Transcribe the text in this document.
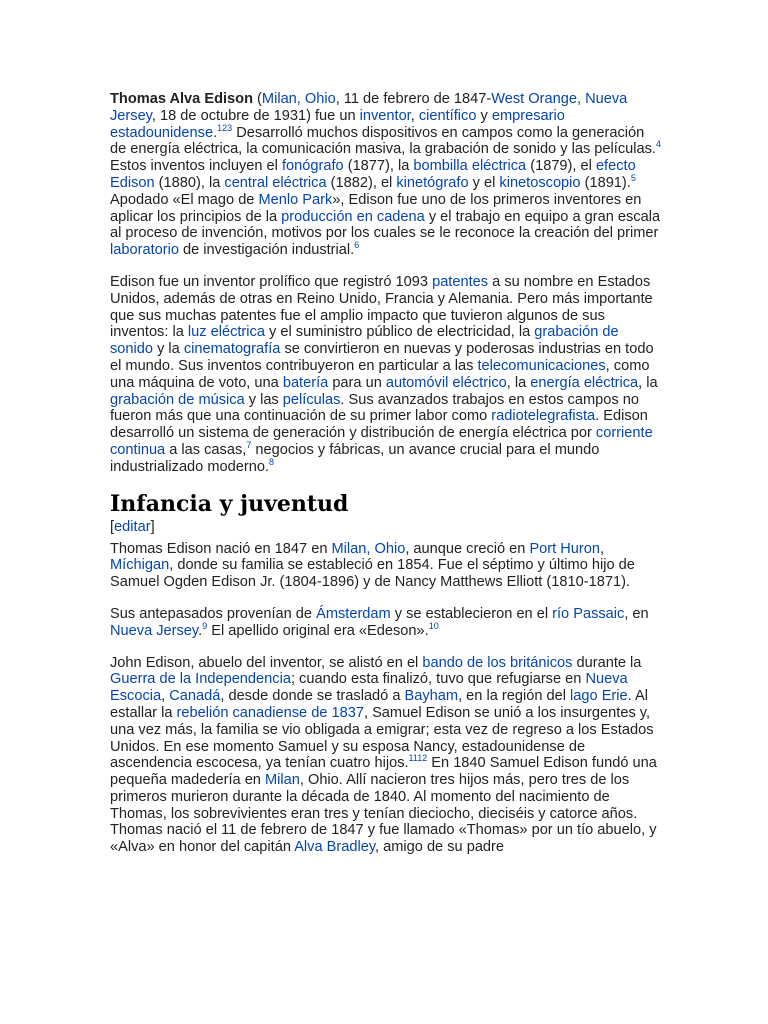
Thomas Alva Edison (Milan, Ohio, 11 de febrero de 1847-West Orange, Nueva Jersey, 18 de octubre de 1931) fue un inventor, científico y empresario estadounidense.$^{123}$ Desarrolló muchos dispositivos en campos como la generación de energía eléctrica, la comunicación masiva, la grabación de sonido y las películas.$^4$ Estos inventos incluyen el fonógrafo (1877), la bombilla eléctrica (1879), el efecto Edison (1880), la central eléctrica (1882), el kinetógrafo y el kinetoscopio (1891).$^5$ Apodado «El mago de Menlo Park», Edison fue uno de los primeros inventores en aplicar los principios de la producción en cadena y el trabajo en equipo a gran escala al proceso de invención, motivos por los cuales se le reconoce la creación del primer laboratorio de investigación industrial.$^6$

Edison fue un inventor prolífico que registró 1093 patentes a su nombre en Estados Unidos, además de otras en Reino Unido, Francia y Alemania. Pero más importante que sus muchas patentes fue el amplio impacto que tuvieron algunos de sus inventos: la luz eléctrica y el suministro público de electricidad, la grabación de sonido y la cinematografía se convirtieron en nuevas y poderosas industrias en todo el mundo. Sus inventos contribuyeron en particular a las telecomunicaciones, como una máquina de voto, una batería para un automóvil eléctrico, la energía eléctrica, la grabación de música y las películas. Sus avanzados trabajos en estos campos no fueron más que una continuación de su primer labor como radiotelegrafista. Edison desarrolló un sistema de generación y distribución de energía eléctrica por corriente continua a las casas,$^7$ negocios y fábricas, un avance crucial para el mundo industrializado moderno.$^8$

Infancia y juventud
[editar]

Thomas Edison nació en 1847 en Milan, Ohio, aunque creció en Port Huron, Míchigan, donde su familia se estableció en 1854. Fue el séptimo y último hijo de Samuel Ogden Edison Jr. (1804-1896) y de Nancy Matthews Elliott (1810-1871).

Sus antepasados provenían de Ámsterdam y se establecieron en el río Passaic, en Nueva Jersey.$^9$ El apellido original era «Edeson».$^{10}$

John Edison, abuelo del inventor, se alistó en el bando de los británicos durante la Guerra de la Independencia; cuando esta finalizó, tuvo que refugiarse en Nueva Escocia, Canadá, desde donde se trasladó a Bayham, en la región del lago Erie. Al estallar la rebelión canadiense de 1837, Samuel Edison se unió a los insurgentes y, una vez más, la familia se vio obligada a emigrar; esta vez de regreso a los Estados Unidos. En ese momento Samuel y su esposa Nancy, estadounidense de ascendencia escocesa, ya tenían cuatro hijos.$^{1112}$ En 1840 Samuel Edison fundó una pequeña madedería en Milan, Ohio. Allí nacieron tres hijos más, pero tres de los primeros murieron durante la década de 1840. Al momento del nacimiento de Thomas, los sobrevivientes eran tres y tenían dieciocho, dieciséis y catorce años. Thomas nació el 11 de febrero de 1847 y fue llamado «Thomas» por un tío abuelo, y «Alva» en honor del capitán Alva Bradley, amigo de su padre
